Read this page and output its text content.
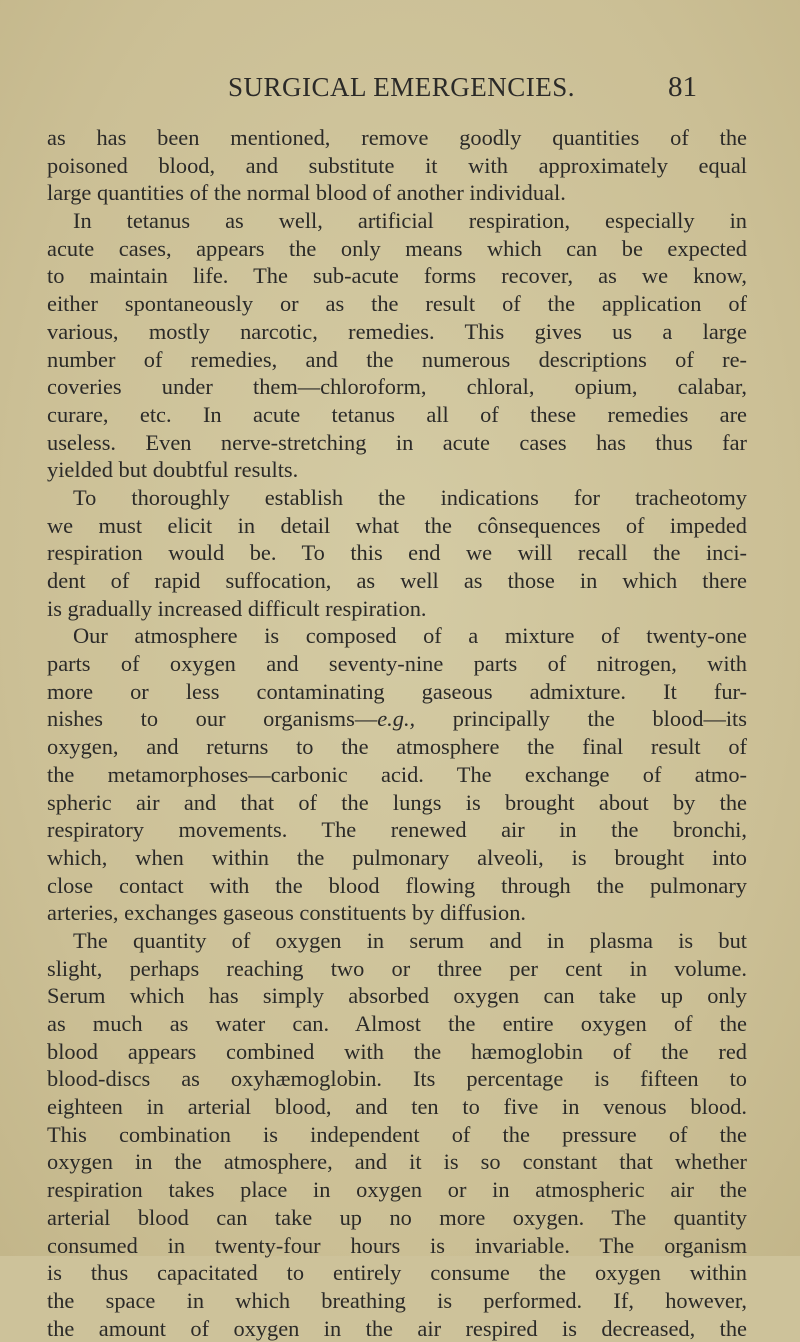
SURGICAL EMERGENCIES.	81
as has been mentioned, remove goodly quantities of the
poisoned blood, and substitute it with approximately equal
large quantities of the normal blood of another individual.
In tetanus as well, artificial respiration, especially in
acute cases, appears the only means which can be expected
to maintain life. The sub-acute forms recover, as we know,
either spontaneously or as the result of the application of
various, mostly narcotic, remedies. This gives us a large
number of remedies, and the numerous descriptions of re-
coveries under them—chloroform, chloral, opium, calabar,
curare, etc. In acute tetanus all of these remedies are
useless. Even nerve-stretching in acute cases has thus far
yielded but doubtful results.
To thoroughly establish the indications for tracheotomy
we must elicit in detail what the cônsequences of impeded
respiration would be. To this end we will recall the inci-
dent of rapid suffocation, as well as those in which there
is gradually increased difficult respiration.
Our atmosphere is composed of a mixture of twenty-one
parts of oxygen and seventy-nine parts of nitrogen, with
more or less contaminating gaseous admixture. It fur-
nishes to our organisms—e.g., principally the blood—its
oxygen, and returns to the atmosphere the final result of
the metamorphoses—carbonic acid. The exchange of atmo-
spheric air and that of the lungs is brought about by the
respiratory movements. The renewed air in the bronchi,
which, when within the pulmonary alveoli, is brought into
close contact with the blood flowing through the pulmonary
arteries, exchanges gaseous constituents by diffusion.
The quantity of oxygen in serum and in plasma is but
slight, perhaps reaching two or three per cent in volume.
Serum which has simply absorbed oxygen can take up only
as much as water can. Almost the entire oxygen of the
blood appears combined with the hæmoglobin of the red
blood-discs as oxyhæmoglobin. Its percentage is fifteen to
eighteen in arterial blood, and ten to five in venous blood.
This combination is independent of the pressure of the
oxygen in the atmosphere, and it is so constant that whether
respiration takes place in oxygen or in atmospheric air the
arterial blood can take up no more oxygen. The quantity
consumed in twenty-four hours is invariable. The organism
is thus capacitated to entirely consume the oxygen within
the space in which breathing is performed. If, however,
the amount of oxygen in the air respired is decreased, the
